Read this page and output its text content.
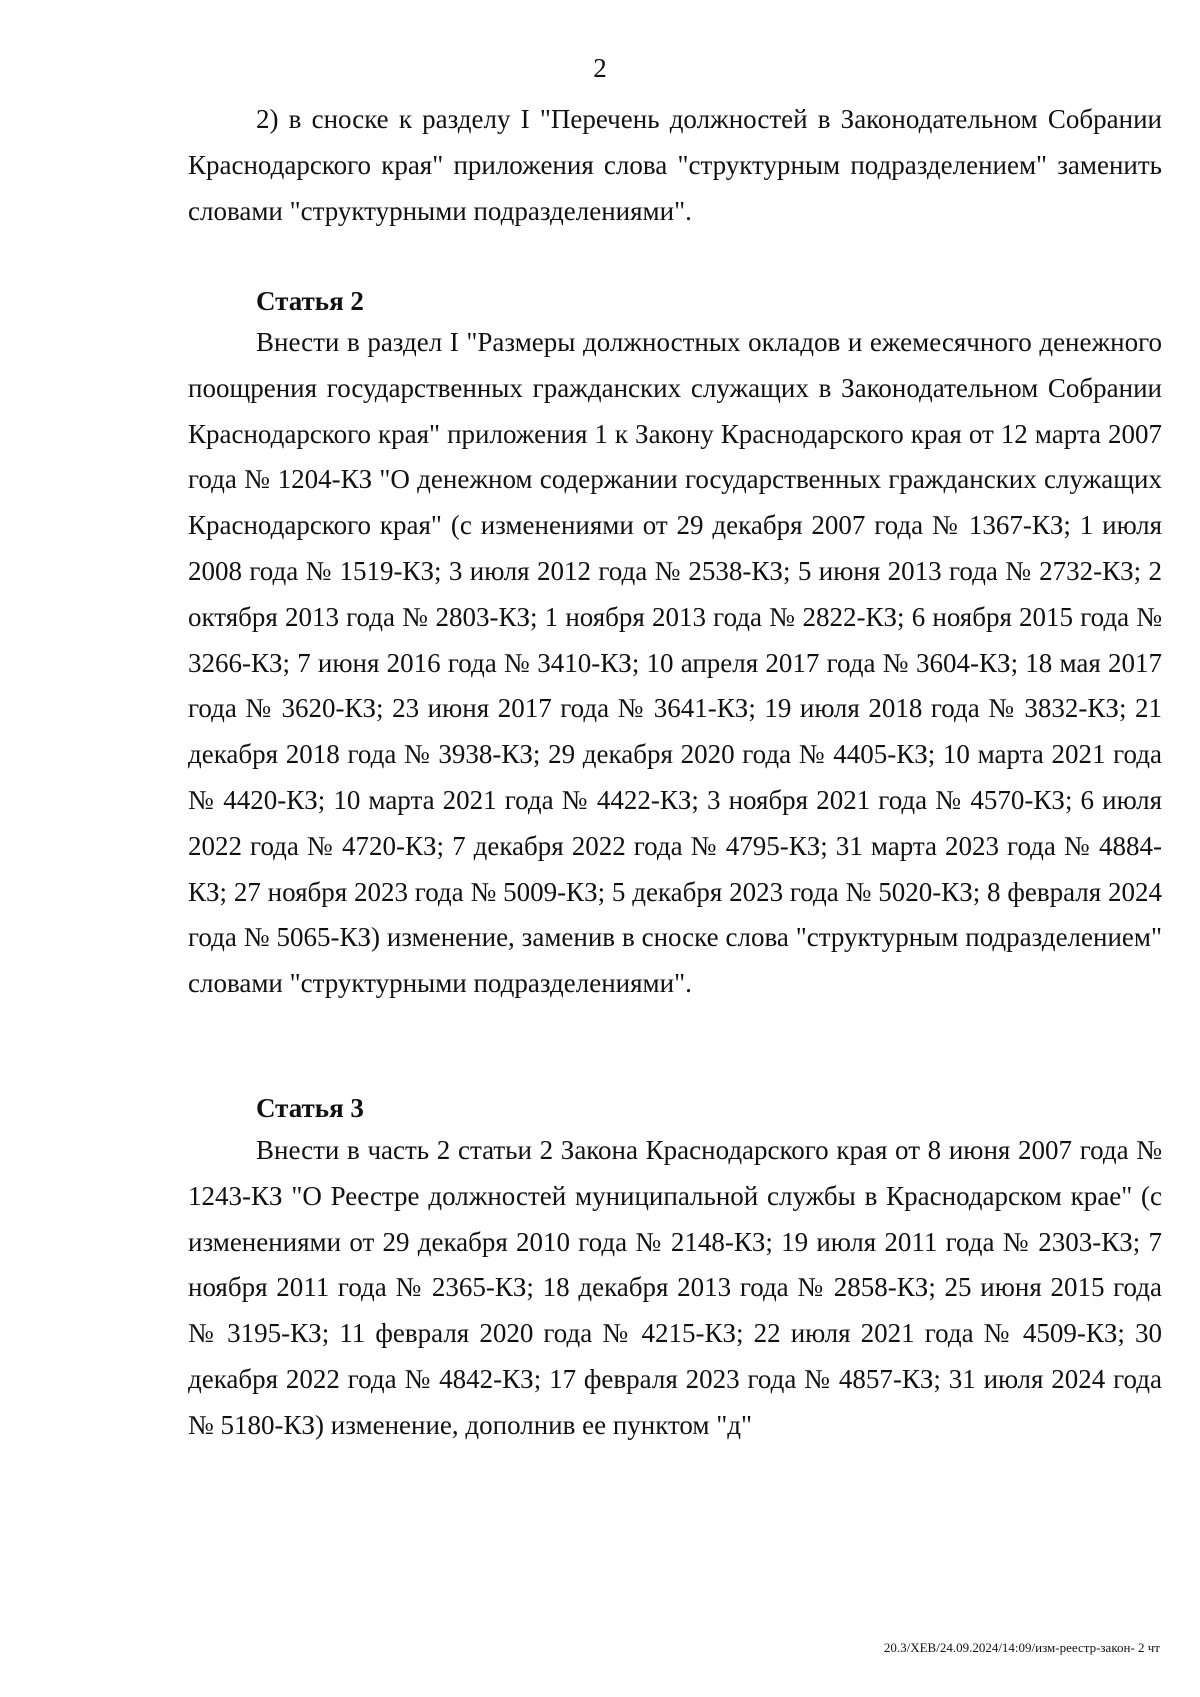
2

2) в сноске к разделу I "Перечень должностей в Законодательном Собрании Краснодарского края" приложения слова "структурным подразделением" заменить словами "структурными подразделениями".

Статья 2

Внести в раздел I "Размеры должностных окладов и ежемесячного денежного поощрения государственных гражданских служащих в Законодательном Собрании Краснодарского края" приложения 1 к Закону Краснодарского края от 12 марта 2007 года № 1204-КЗ "О денежном содержании государственных гражданских служащих Краснодарского края" (с изменениями от 29 декабря 2007 года № 1367-КЗ; 1 июля 2008 года № 1519-КЗ; 3 июля 2012 года № 2538-КЗ; 5 июня 2013 года № 2732-КЗ; 2 октября 2013 года № 2803-КЗ; 1 ноября 2013 года № 2822-КЗ; 6 ноября 2015 года № 3266-КЗ; 7 июня 2016 года № 3410-КЗ; 10 апреля 2017 года № 3604-КЗ; 18 мая 2017 года № 3620-КЗ; 23 июня 2017 года № 3641-КЗ; 19 июля 2018 года № 3832-КЗ; 21 декабря 2018 года № 3938-КЗ; 29 декабря 2020 года № 4405-КЗ; 10 марта 2021 года № 4420-КЗ; 10 марта 2021 года № 4422-КЗ; 3 ноября 2021 года № 4570-КЗ; 6 июля 2022 года № 4720-КЗ; 7 декабря 2022 года № 4795-КЗ; 31 марта 2023 года № 4884-КЗ; 27 ноября 2023 года № 5009-КЗ; 5 декабря 2023 года № 5020-КЗ; 8 февраля 2024 года № 5065-КЗ) изменение, заменив в сноске слова "структурным подразделением" словами "структурными подразделениями".

Статья 3

Внести в часть 2 статьи 2 Закона Краснодарского края от 8 июня 2007 года № 1243-КЗ "О Реестре должностей муниципальной службы в Краснодарском крае" (с изменениями от 29 декабря 2010 года № 2148-КЗ; 19 июля 2011 года № 2303-КЗ; 7 ноября 2011 года № 2365-КЗ; 18 декабря 2013 года № 2858-КЗ; 25 июня 2015 года № 3195-КЗ; 11 февраля 2020 года № 4215-КЗ; 22 июля 2021 года № 4509-КЗ; 30 декабря 2022 года № 4842-КЗ; 17 февраля 2023 года № 4857-КЗ; 31 июля 2024 года № 5180-КЗ) изменение, дополнив ее пунктом "д"

20.3/ХЕВ/24.09.2024/14:09/изм-реестр-закон- 2 чт
